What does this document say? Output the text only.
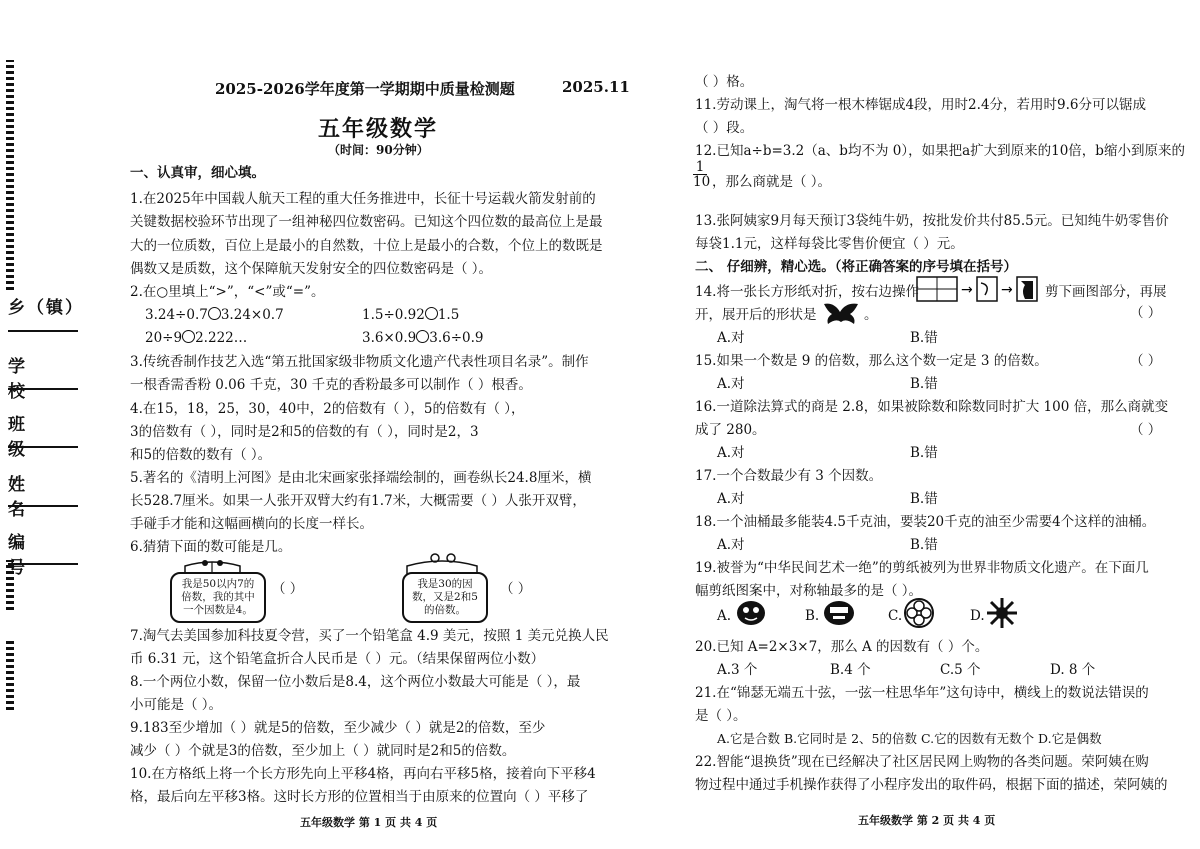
乡（镇）
学 校
班 级
姓 名
编 号
2025-2026学年度第一学期期中质量检测题	2025.11
五年级数学
（时间：90分钟）
一、认真审，细心填。
1.在2025年中国载人航天工程的重大任务推进中，长征十号运载火箭发射前的
关键数据校验环节出现了一组神秘四位数密码。已知这个四位数的最高位上是最
大的一位质数，百位上是最小的自然数，十位上是最小的合数，个位上的数既是
偶数又是质数，这个保障航天发射安全的四位数密码是（ ）。
2.在○里填上“>”，“<”或“=”。
3.24÷0.7 3.24×0.7	1.5÷0.92 1.5
20÷9 2.222…	3.6×0.9 3.6÷0.9
3.传统香制作技艺入选“第五批国家级非物质文化遗产代表性项目名录”。制作
一根香需香粉 0.06 千克，30 千克的香粉最多可以制作（ ）根香。
4.在15，18，25，30，40中，2的倍数有（ ），5的倍数有（ ），
3的倍数有（ ），同时是2和5的倍数的有（ ），同时是2，3
和5的倍数的数有（ ）。
5.著名的《清明上河图》是由北宋画家张择端绘制的，画卷纵长24.8厘米，横
长528.7厘米。如果一人张开双臂大约有1.7米，大概需要（ ）人张开双臂，
手碰手才能和这幅画横向的长度一样长。
6.猜猜下面的数可能是几。
我是50以内7的倍数，我的其中一个因数是4。
（ ）	我是30的因数，又是2和5的倍数。
（ ）
7.淘气去美国参加科技夏令营，买了一个铅笔盒 4.9 美元，按照 1 美元兑换人民
币 6.31 元，这个铅笔盒折合人民币是（ ）元。（结果保留两位小数）
8.一个两位小数，保留一位小数后是8.4，这个两位小数最大可能是（ ），最
小可能是（ ）。
9.183至少增加（ ）就是5的倍数，至少减少（ ）就是2的倍数，至少
减少（ ）个就是3的倍数，至少加上（ ）就同时是2和5的倍数。
10.在方格纸上将一个长方形先向上平移4格，再向右平移5格，接着向下平移4
格，最后向左平移3格。这时长方形的位置相当于由原来的位置向（ ）平移了
五年级数学 第 1 页 共 4 页
（ ）格。
11.劳动课上，淘气将一根木棒锯成4段，用时2.4分，若用时9.6分可以锯成
（ ）段。
12.已知a÷b=3.2（a、b均不为 0），如果把a扩大到原来的10倍，b缩小到原来的
1
10 ，那么商就是（ ）。
13.张阿姨家9月每天预订3袋纯牛奶，按批发价共付85.5元。已知纯牛奶零售价
每袋1.1元，这样每袋比零售价便宜（ ）元。
二、 仔细辨，精心选。（将正确答案的序号填在括号）
14.将一张长方形纸对折，按右边操作	→ → 剪下画图部分，再展
开，展开后的形状是	。	（ ）
A.对	B.错
15.如果一个数是 9 的倍数，那么这个数一定是 3 的倍数。	（ ）
A.对	B.错
16.一道除法算式的商是 2.8，如果被除数和除数同时扩大 100 倍，那么商就变
成了 280。	（ ）
A.对	B.错
17.一个合数最少有 3 个因数。
A.对	B.错
18.一个油桶最多能装4.5千克油，要装20千克的油至少需要4个这样的油桶。
A.对	B.错
19.被誉为“中华民间艺术一绝”的剪纸被列为世界非物质文化遗产。在下面几
幅剪纸图案中，对称轴最多的是（ ）。
A.	B.	C.	D.
20.已知 A=2×3×7，那么 A 的因数有（ ）个。
A.3 个	B.4 个	C.5 个	D. 8 个
21.在“锦瑟无端五十弦，一弦一柱思华年”这句诗中，横线上的数说法错误的
是（ ）。
A.它是合数 B.它同时是 2、5的倍数 C.它的因数有无数个 D.它是偶数
22.智能“退换货”现在已经解决了社区居民网上购物的各类问题。荣阿姨在购
物过程中通过手机操作获得了小程序发出的取件码，根据下面的描述，荣阿姨的
五年级数学 第 2 页 共 4 页
